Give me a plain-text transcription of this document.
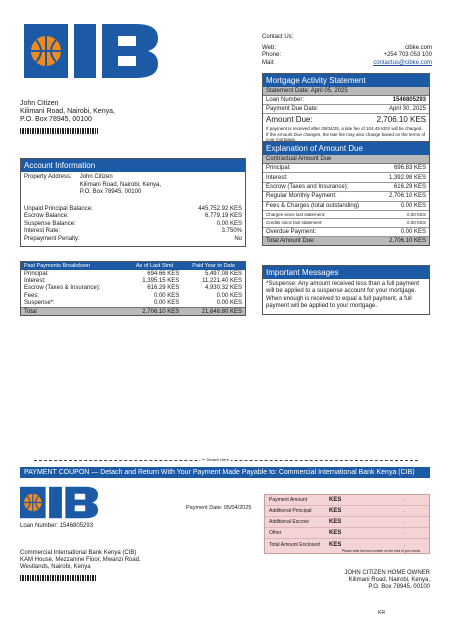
Contact Us:
Web:	cibke.com
Phone:	+254 703 053 100
Mail:	contactus@cibke.com
John Citizen
Kilimani Road, Nairobi, Kenya,
P.O. Box 78945, 00100
Mortgage Activity Statement
Statement Date: April 05, 2025
Loan Number:	1546805293
Payment Due Date:	April 30, 2025
Amount Due:	2,706.10 KES
If payment is received after 30/04/25, a late fee of 104.49 KES will be charged. If the Amount Due changes, the late fee may also change based on the terms of your mortgage.
Explanation of Amount Due
Contractual Amount Due
Principal:	696.83 KES
Interest:	1,392.98 KES
Escrow (Taxes and Insurance):	616.29 KES
Regular Monthly Payment:	2,706.10 KES
Fees & Charges (total outstanding)	0.00 KES
Charges since last statement:	0.00 KES
Credits since last statement:	0.00 KES
Overdue Payment:	0.00 KES
Total Amount Due:	2,706.10 KES
Account Information
Property Address: John Citizen
Kilimani Road, Nairobi, Kenya,
P.O. Box 78945, 00100
Unpaid Principal Balance:	445,752.92 KES
Escrow Balance:	6,779.19 KES
Suspense Balance:	0.00 KES
Interest Rate:	3.750%
Prepayment Penalty:	No
Past Payments Breakdown	As of Last Stmt	Paid Year to Date
Principal:	694.66 KES	5,497.08 KES
Interest:	1,395.15 KES	11,221.40 KES
Escrow (Taxes & Insurance):	616.29 KES	4,930.32 KES
Fees:	0.00 KES	0.00 KES
Suspense*:	0.00 KES	0.00 KES
Total	2,706.10 KES	21,648.80 KES
Important Messages
*Suspense: Any amount received less than a full payment will be applied to a suspense account for your mortgage. When enough is received to equal a full payment, a full payment will be applied to your mortgage.
✂ Detach Here
PAYMENT COUPON — Detach and Return With Your Payment Made Payable to: Commercial International Bank Kenya (CIB)
Loan Number: 1546805293
Payment Date: 05/04/2025
Payment Amount	KES	.
Additional Principal	KES	.
Additional Escrow	KES	.
Other	KES	.
Total Amount Enclosed	KES	.
Please write the loan number on the front of your check.
Commercial International Bank Kenya (CIB)
KAM House, Mezzanine Floor, Mwanzi Road,
Westlands, Nairobi, Kenya
JOHN CITIZEN HOME OWNER
Kilimani Road, Nairobi, Kenya,
P.O. Box 78945, 00100
KR
